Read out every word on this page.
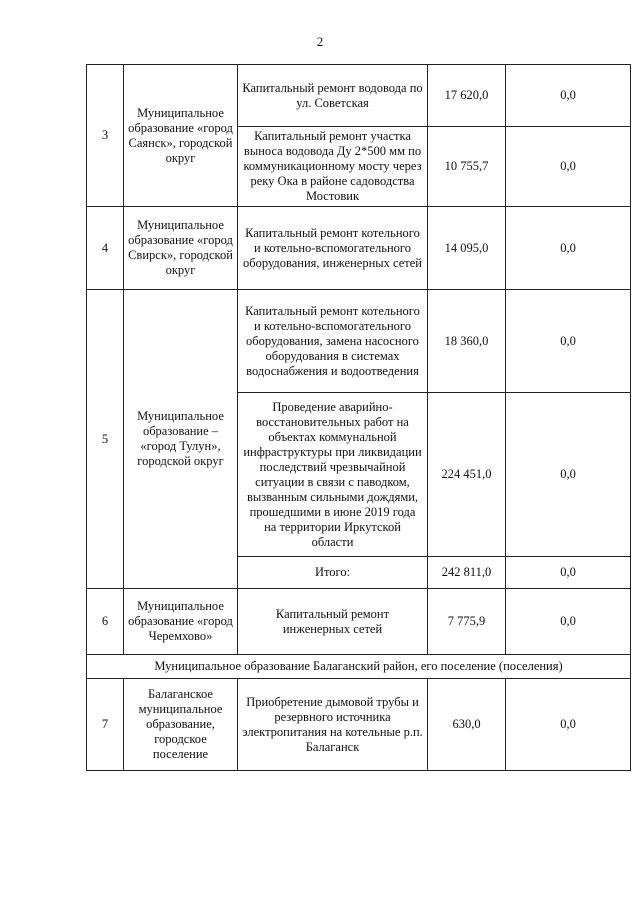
2
3	Муниципальное образование «город Саянск», городской округ	Капитальный ремонт водовода по ул. Советская	17 620,0	0,0
		Капитальный ремонт участка выноса водовода Ду 2*500 мм по коммуникационному мосту через реку Ока в районе садоводства Мостовик	10 755,7	0,0
4	Муниципальное образование «город Свирск», городской округ	Капитальный ремонт котельного и котельно-вспомогательного оборудования, инженерных сетей	14 095,0	0,0
5	Муниципальное образование – «город Тулун», городской округ	Капитальный ремонт котельного и котельно-вспомогательного оборудования, замена насосного оборудования в системах водоснабжения и водоотведения	18 360,0	0,0
		Проведение аварийно-восстановительных работ на объектах коммунальной инфраструктуры при ликвидации последствий чрезвычайной ситуации в связи с паводком, вызванным сильными дождями, прошедшими в июне 2019 года на территории Иркутской области	224 451,0	0,0
		Итого:	242 811,0	0,0
6	Муниципальное образование «город Черемхово»	Капитальный ремонт инженерных сетей	7 775,9	0,0
Муниципальное образование Балаганский район, его поселение (поселения)				
7	Балаганское муниципальное образование, городское поселение	Приобретение дымовой трубы и резервного источника электропитания на котельные р.п. Балаганск	630,0	0,0
